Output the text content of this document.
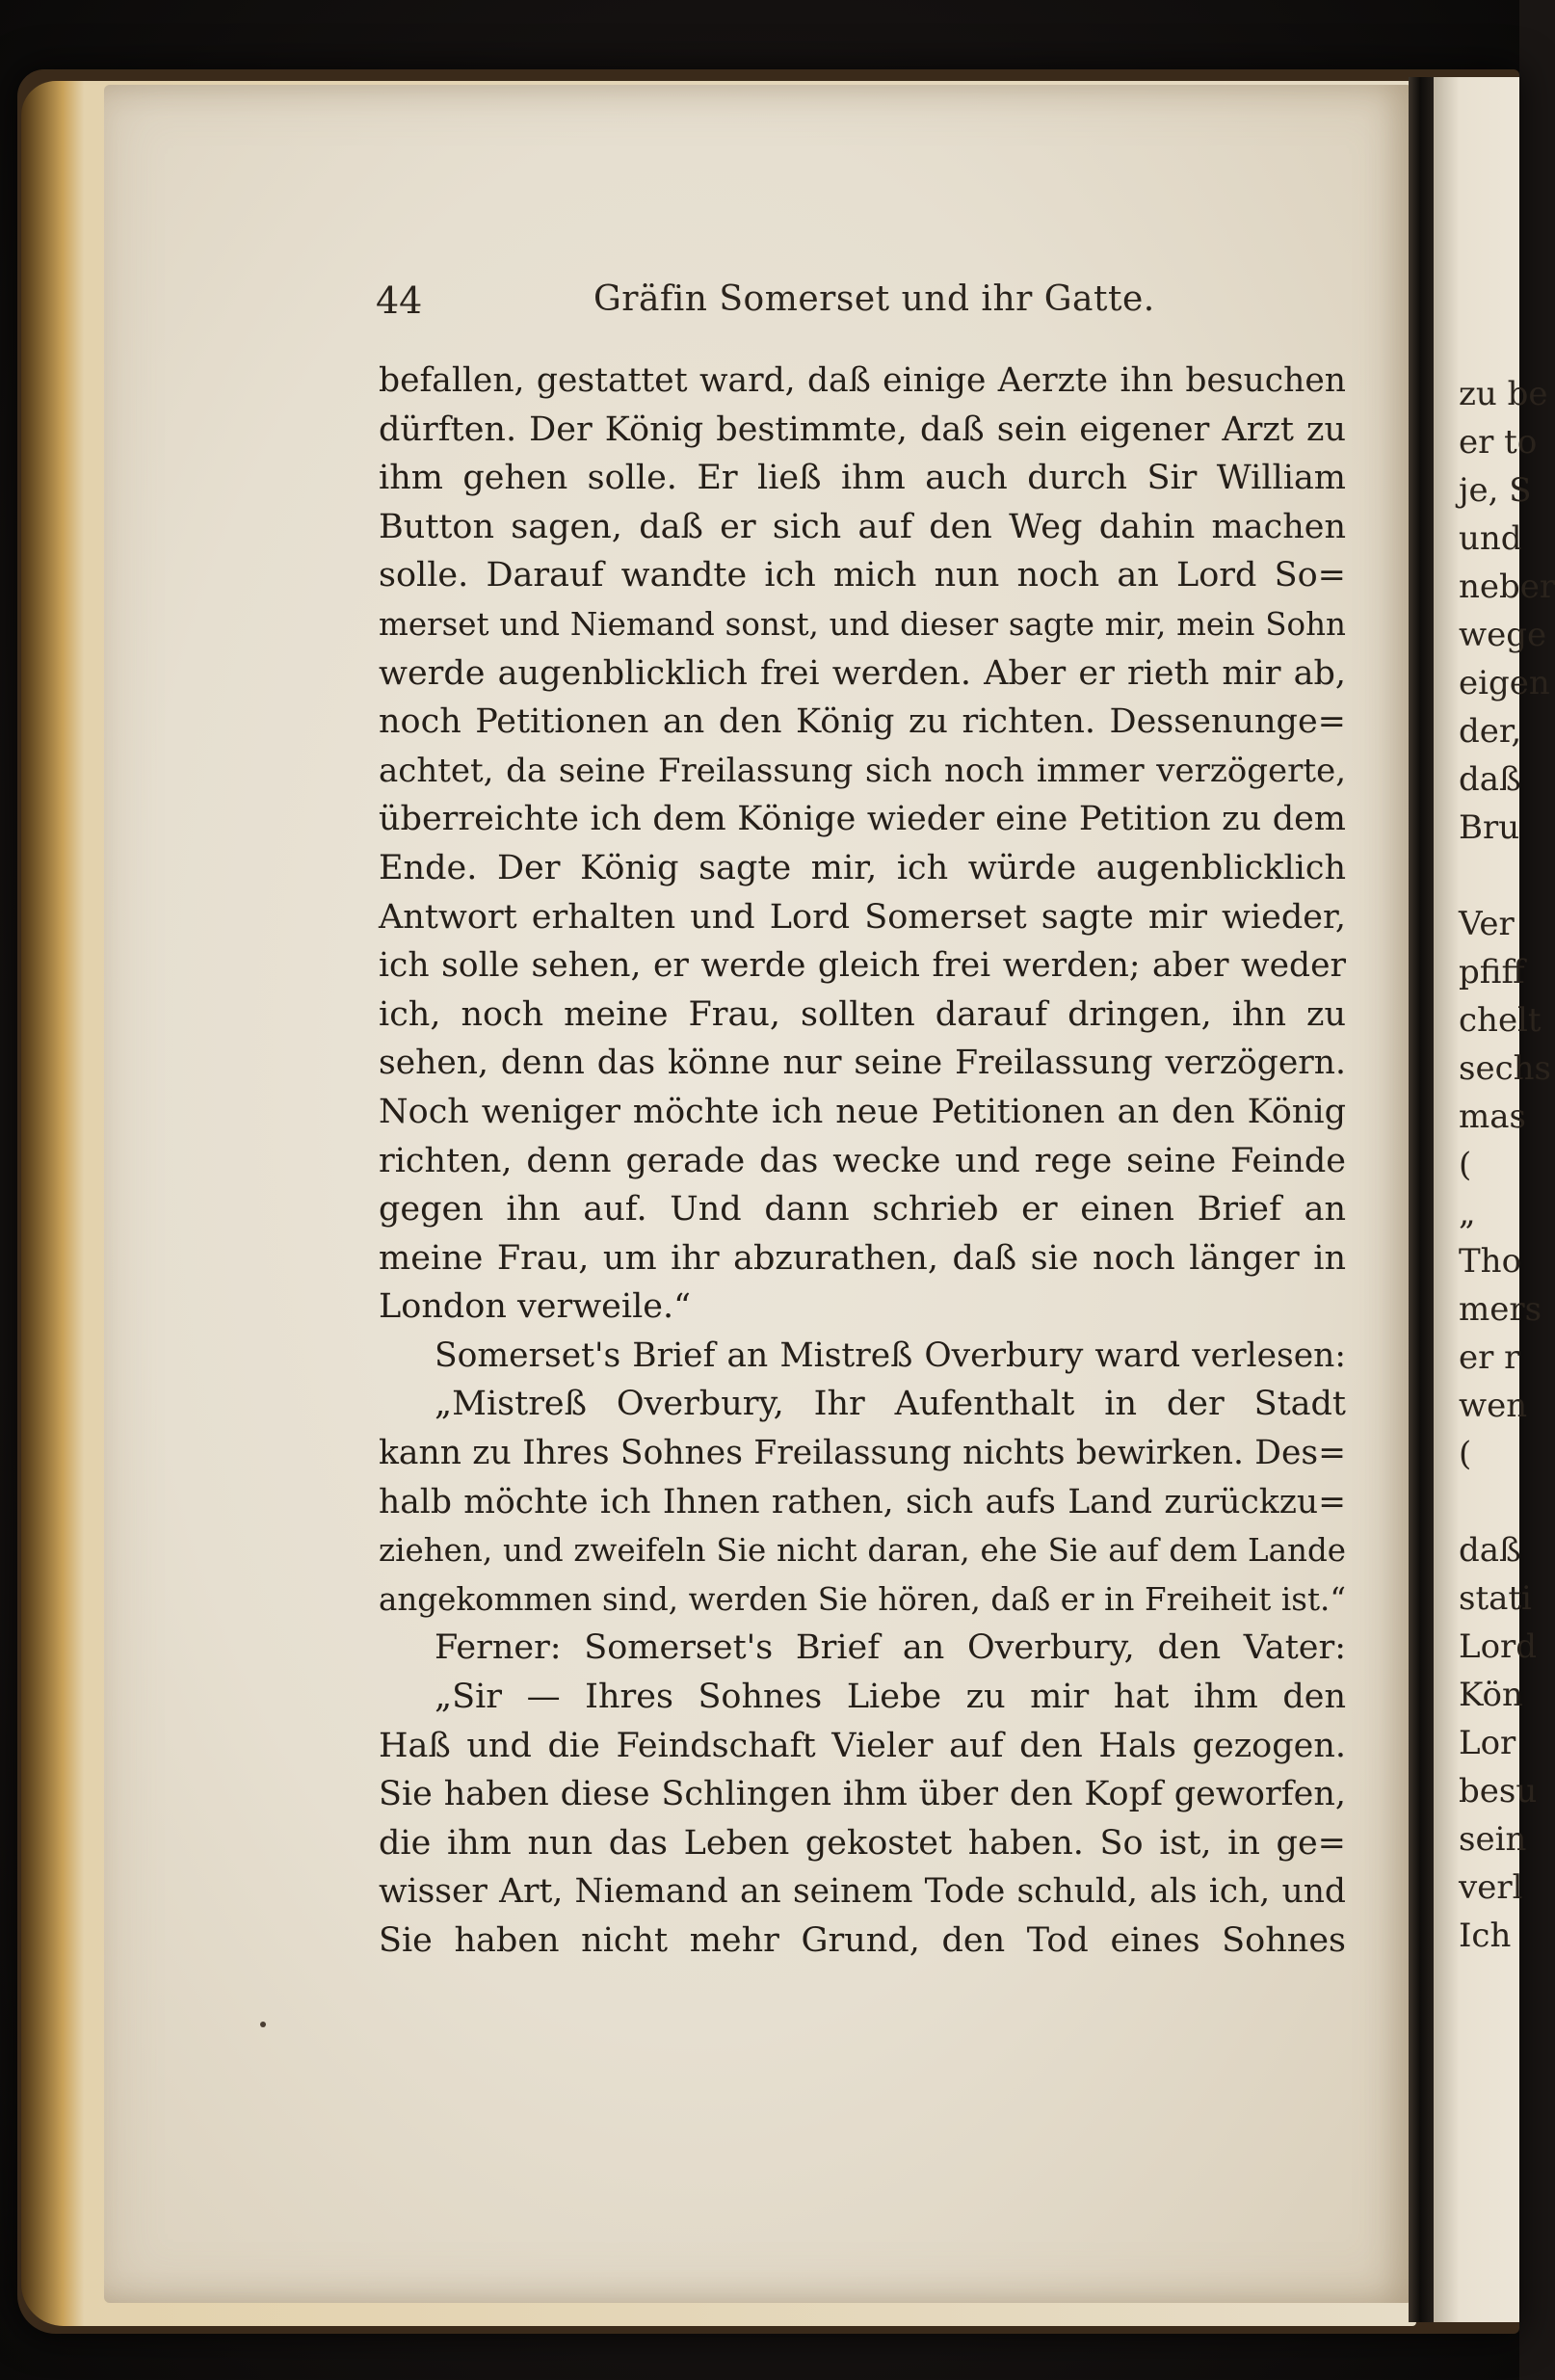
zu be
er to
je, S
und
neber
wege
eigen
der,
daß
Bru
Ver
pfiff
chelt
sechs
mas
(
„
Tho
mers
er r
wen
(
daß
stati
Lord
Kön
Lor
besu
sein
verl
Ich
44	Gräfin Somerset und ihr Gatte.
befallen, gestattet ward, daß einige Aerzte ihn besuchen
dürften. Der König bestimmte, daß sein eigener Arzt zu
ihm gehen solle. Er ließ ihm auch durch Sir William
Button sagen, daß er sich auf den Weg dahin machen
solle. Darauf wandte ich mich nun noch an Lord So=
merset und Niemand sonst, und dieser sagte mir, mein Sohn
werde augenblicklich frei werden. Aber er rieth mir ab,
noch Petitionen an den König zu richten. Dessenunge=
achtet, da seine Freilassung sich noch immer verzögerte,
überreichte ich dem Könige wieder eine Petition zu dem
Ende. Der König sagte mir, ich würde augenblicklich
Antwort erhalten und Lord Somerset sagte mir wieder,
ich solle sehen, er werde gleich frei werden; aber weder
ich, noch meine Frau, sollten darauf dringen, ihn zu
sehen, denn das könne nur seine Freilassung verzögern.
Noch weniger möchte ich neue Petitionen an den König
richten, denn gerade das wecke und rege seine Feinde
gegen ihn auf. Und dann schrieb er einen Brief an
meine Frau, um ihr abzurathen, daß sie noch länger in
London verweile.“
Somerset's Brief an Mistreß Overbury ward verlesen:
„Mistreß Overbury, Ihr Aufenthalt in der Stadt
kann zu Ihres Sohnes Freilassung nichts bewirken. Des=
halb möchte ich Ihnen rathen, sich aufs Land zurückzu=
ziehen, und zweifeln Sie nicht daran, ehe Sie auf dem Lande
angekommen sind, werden Sie hören, daß er in Freiheit ist.“
Ferner: Somerset's Brief an Overbury, den Vater:
„Sir — Ihres Sohnes Liebe zu mir hat ihm den
Haß und die Feindschaft Vieler auf den Hals gezogen.
Sie haben diese Schlingen ihm über den Kopf geworfen,
die ihm nun das Leben gekostet haben. So ist, in ge=
wisser Art, Niemand an seinem Tode schuld, als ich, und
Sie haben nicht mehr Grund, den Tod eines Sohnes
